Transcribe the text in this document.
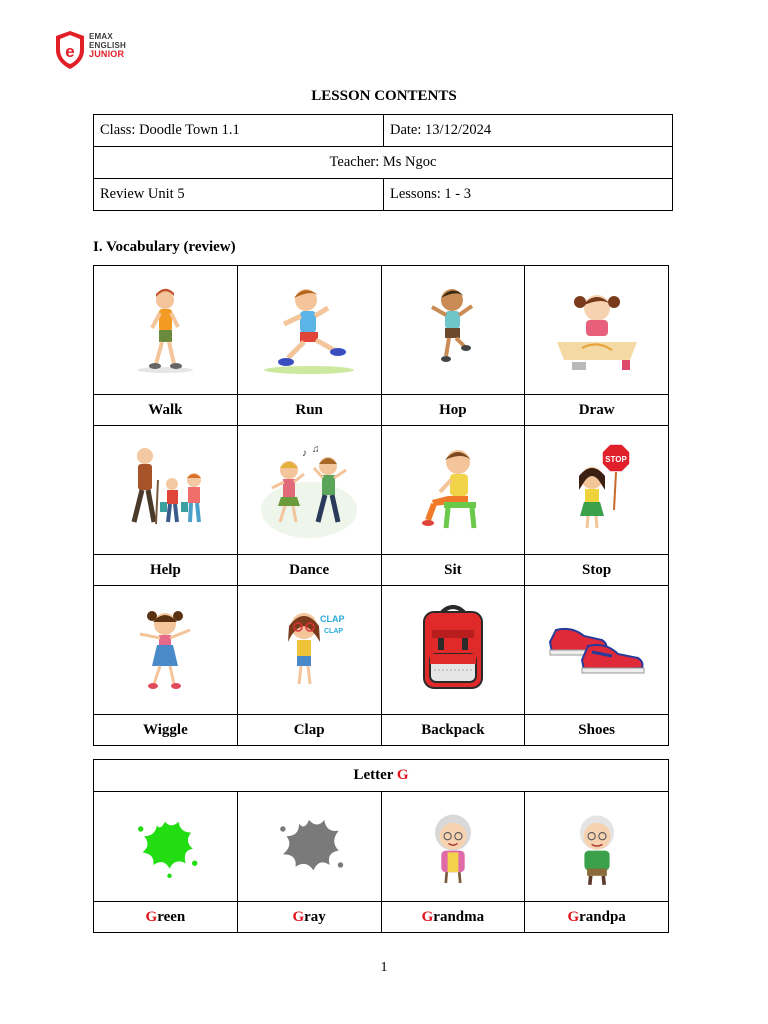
e
EMAX
ENGLISH
JUNIOR
LESSON CONTENTS
Class: Doodle Town 1.1	Date: 13/12/2024
Teacher: Ms Ngoc	
Review Unit 5	Lessons: 1 - 3
I. Vocabulary (review)

Walk	Run	Hop	Draw

♪ ♫		STOP

Help	Dance	Sit	Stop

CLAP
CLAP

Wiggle	Clap	Backpack	Shoes
Letter G			

Green	Gray	Grandma	Grandpa
1
